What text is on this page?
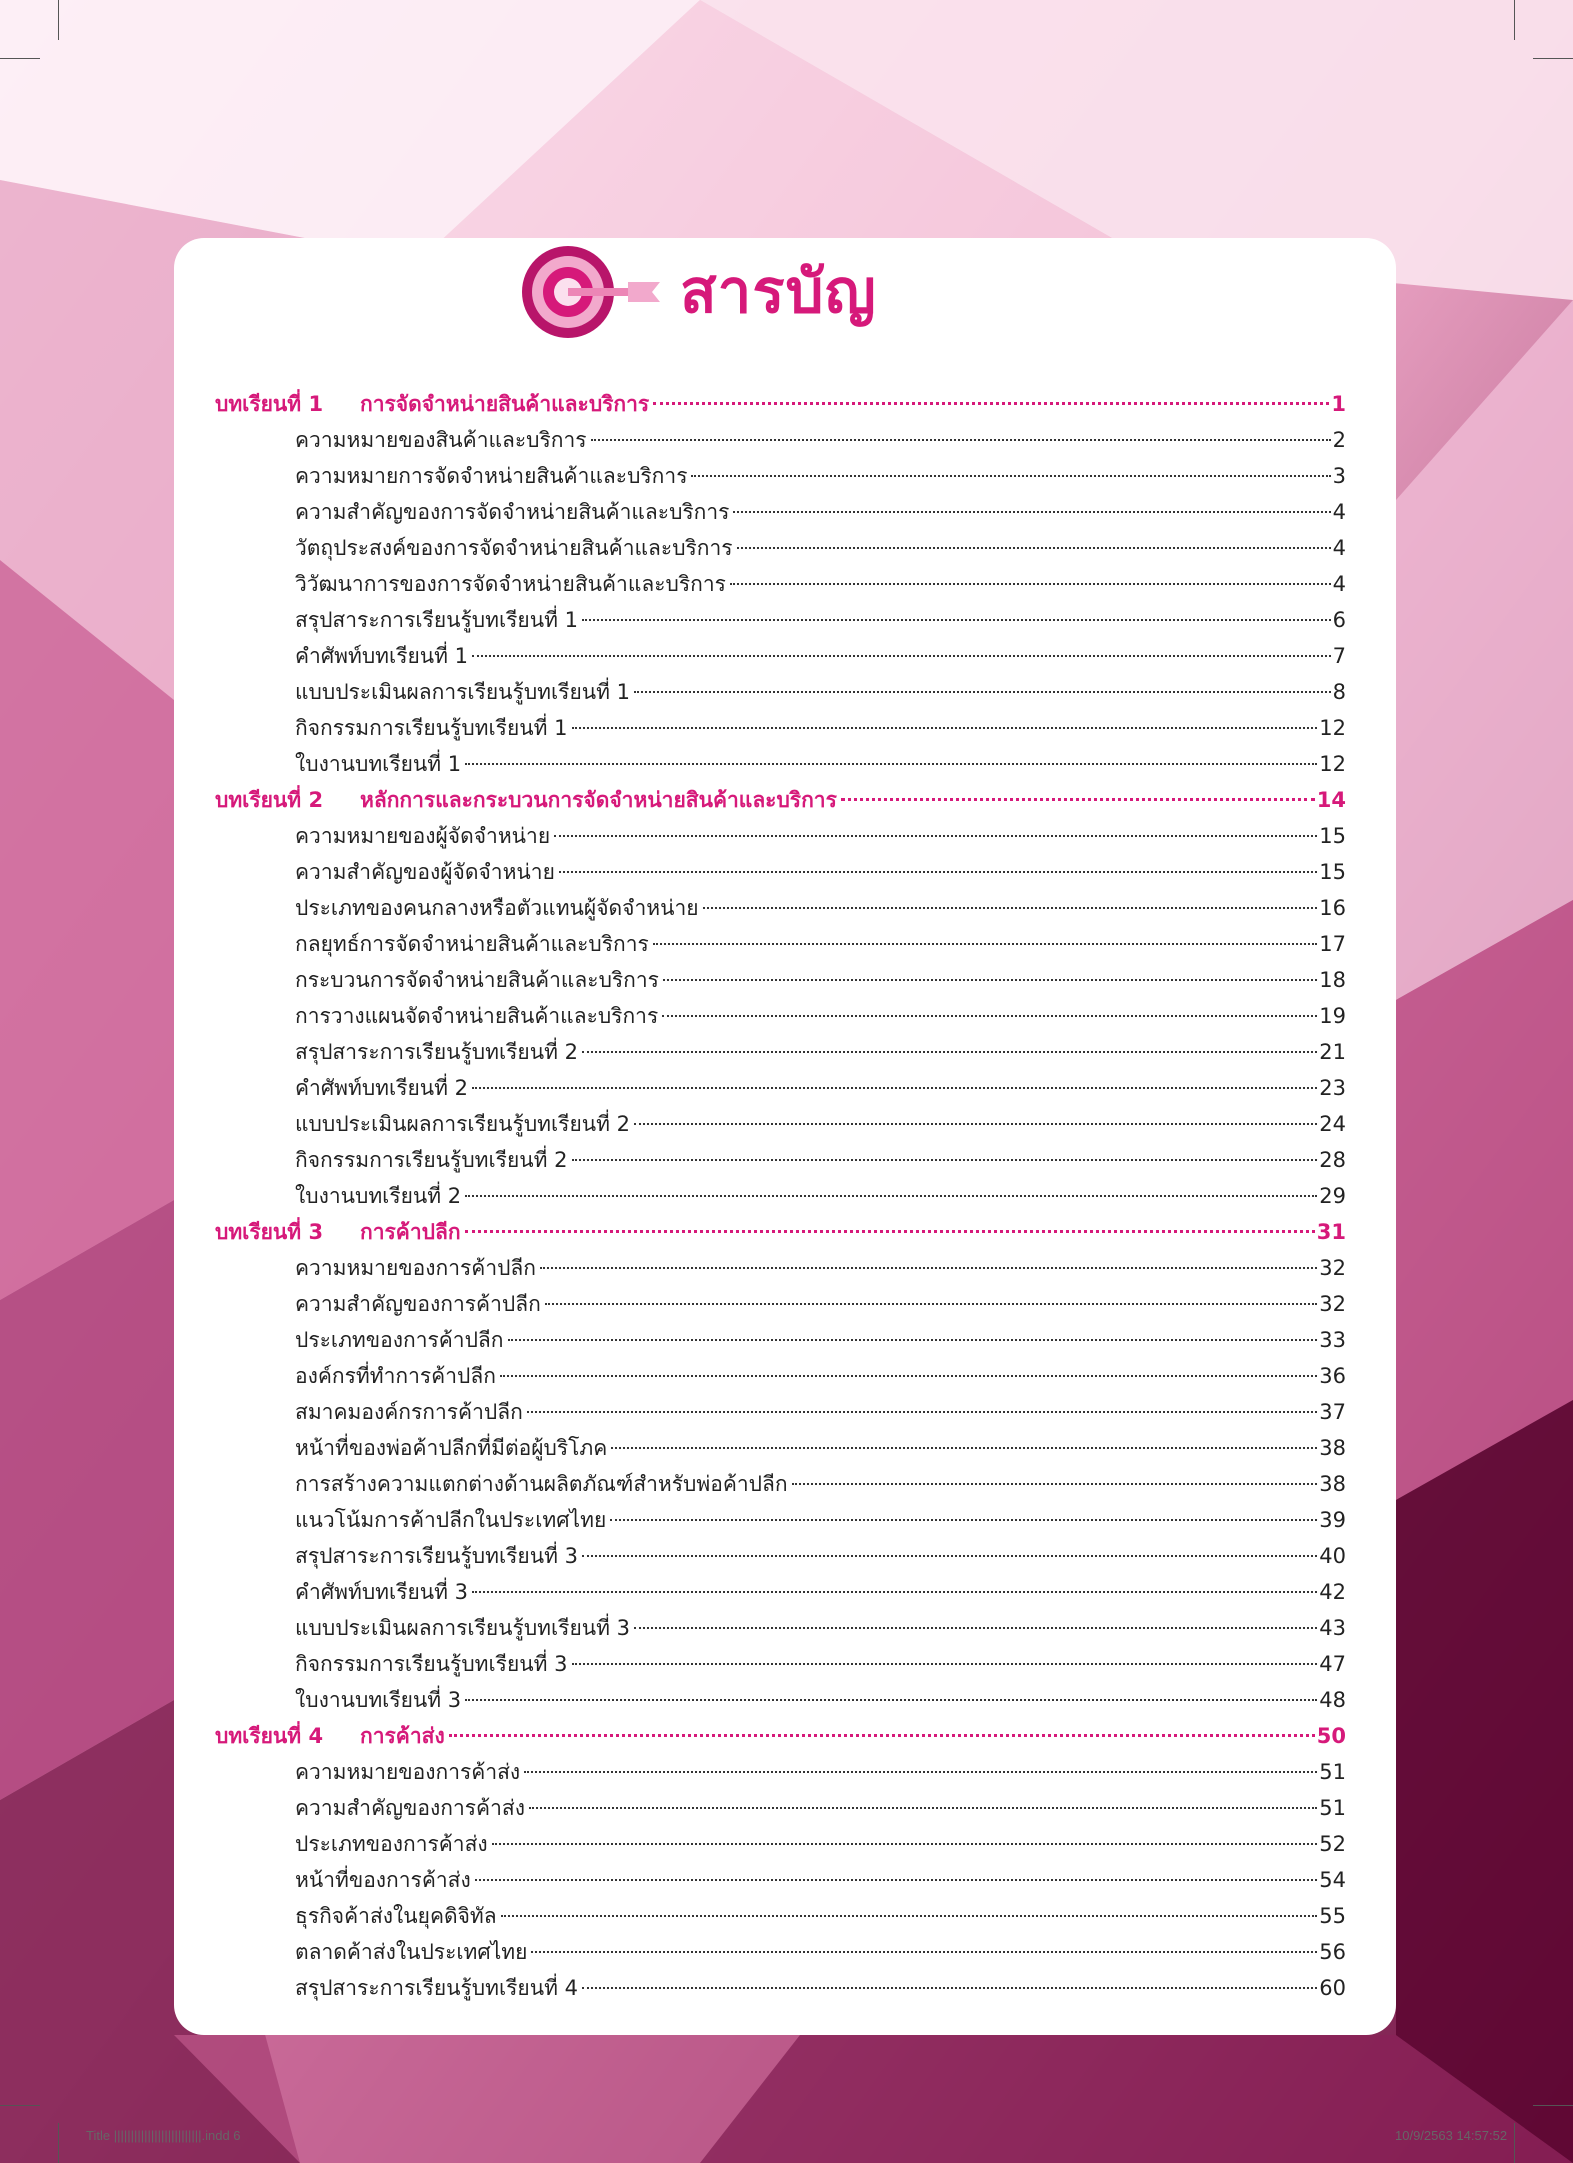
สารบัญ
บทเรียนที่ 1	การจัดจำหน่ายสินค้าและบริการ	1
ความหมายของสินค้าและบริการ	2
ความหมายการจัดจำหน่ายสินค้าและบริการ	3
ความสำคัญของการจัดจำหน่ายสินค้าและบริการ	4
วัตถุประสงค์ของการจัดจำหน่ายสินค้าและบริการ	4
วิวัฒนาการของการจัดจำหน่ายสินค้าและบริการ	4
สรุปสาระการเรียนรู้บทเรียนที่ 1	6
คำศัพท์บทเรียนที่ 1	7
แบบประเมินผลการเรียนรู้บทเรียนที่ 1	8
กิจกรรมการเรียนรู้บทเรียนที่ 1	12
ใบงานบทเรียนที่ 1	12
บทเรียนที่ 2	หลักการและกระบวนการจัดจำหน่ายสินค้าและบริการ	14
ความหมายของผู้จัดจำหน่าย	15
ความสำคัญของผู้จัดจำหน่าย	15
ประเภทของคนกลางหรือตัวแทนผู้จัดจำหน่าย	16
กลยุทธ์การจัดจำหน่ายสินค้าและบริการ	17
กระบวนการจัดจำหน่ายสินค้าและบริการ	18
การวางแผนจัดจำหน่ายสินค้าและบริการ	19
สรุปสาระการเรียนรู้บทเรียนที่ 2	21
คำศัพท์บทเรียนที่ 2	23
แบบประเมินผลการเรียนรู้บทเรียนที่ 2	24
กิจกรรมการเรียนรู้บทเรียนที่ 2	28
ใบงานบทเรียนที่ 2	29
บทเรียนที่ 3	การค้าปลีก	31
ความหมายของการค้าปลีก	32
ความสำคัญของการค้าปลีก	32
ประเภทของการค้าปลีก	33
องค์กรที่ทำการค้าปลีก	36
สมาคมองค์กรการค้าปลีก	37
หน้าที่ของพ่อค้าปลีกที่มีต่อผู้บริโภค	38
การสร้างความแตกต่างด้านผลิตภัณฑ์สำหรับพ่อค้าปลีก	38
แนวโน้มการค้าปลีกในประเทศไทย	39
สรุปสาระการเรียนรู้บทเรียนที่ 3	40
คำศัพท์บทเรียนที่ 3	42
แบบประเมินผลการเรียนรู้บทเรียนที่ 3	43
กิจกรรมการเรียนรู้บทเรียนที่ 3	47
ใบงานบทเรียนที่ 3	48
บทเรียนที่ 4	การค้าส่ง	50
ความหมายของการค้าส่ง	51
ความสำคัญของการค้าส่ง	51
ประเภทของการค้าส่ง	52
หน้าที่ของการค้าส่ง	54
ธุรกิจค้าส่งในยุคดิจิทัล	55
ตลาดค้าส่งในประเทศไทย	56
สรุปสาระการเรียนรู้บทเรียนที่ 4	60
Title ||||||||||||||||||||||||||.indd 6	10/9/2563 14:57:52
